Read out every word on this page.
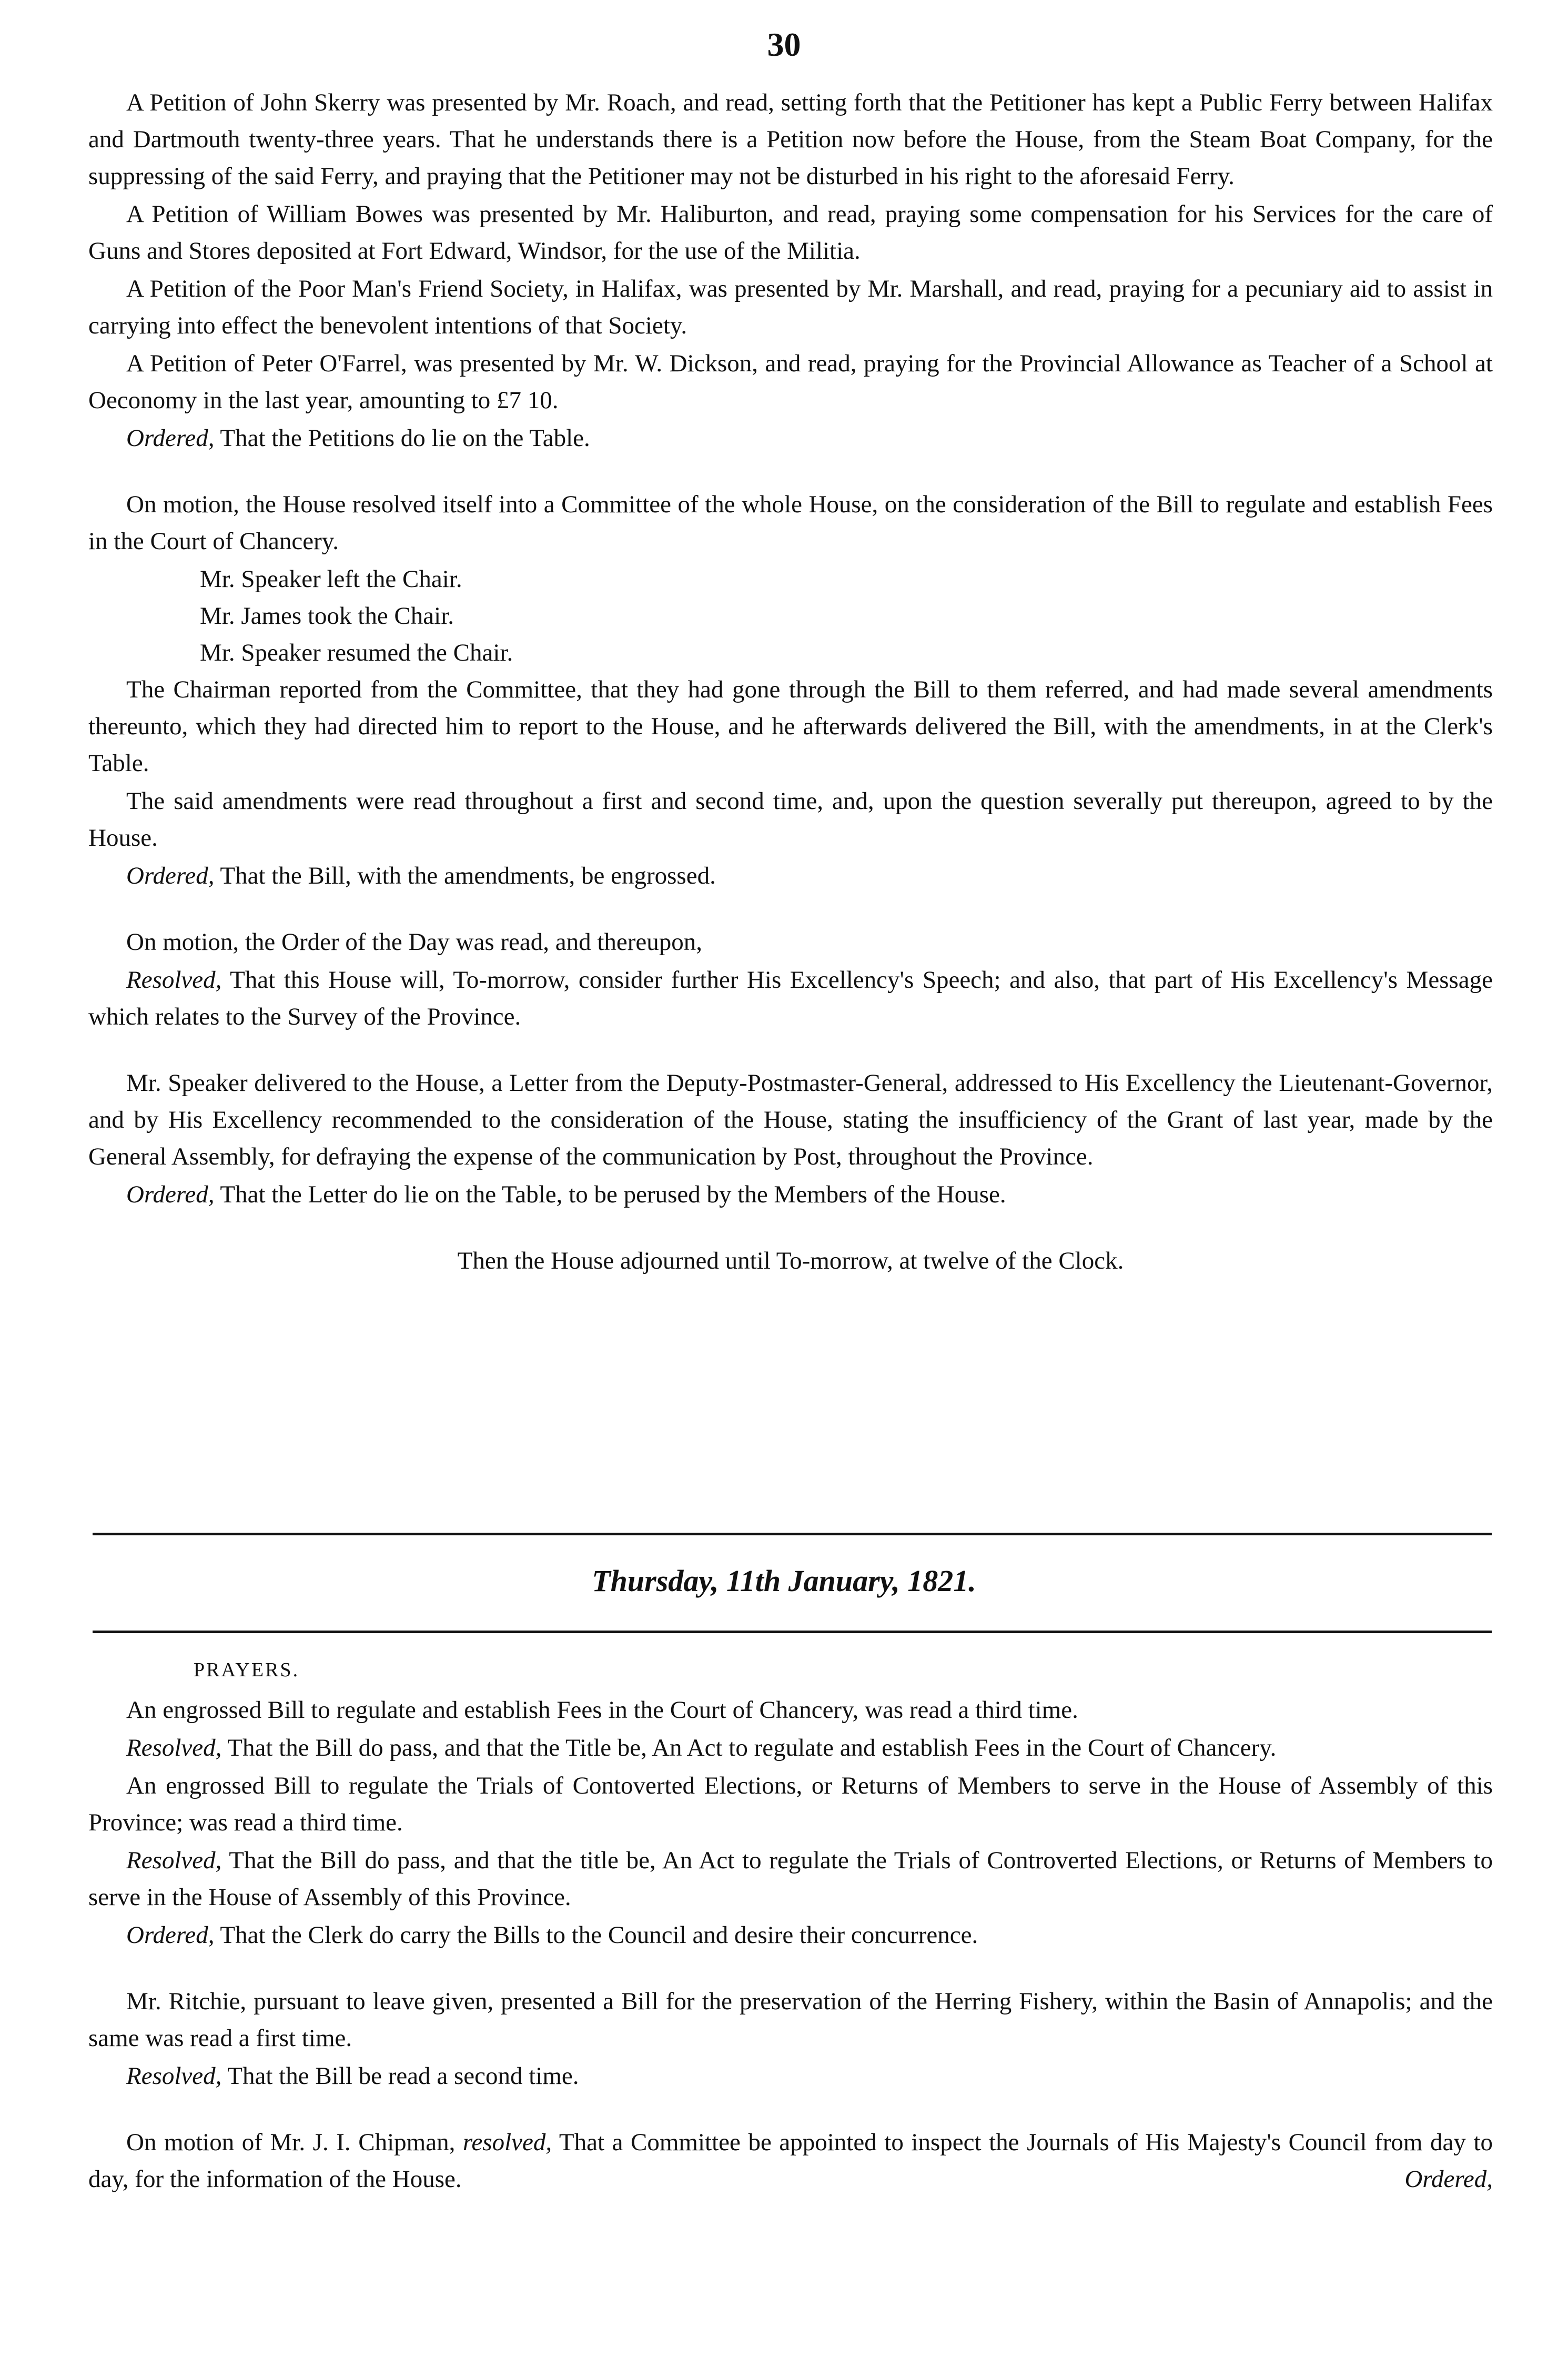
30

A Petition of John Skerry was presented by Mr. Roach, and read, setting forth that the Petitioner has kept a Public Ferry between Halifax and Dartmouth twenty-three years. That he understands there is a Petition now before the House, from the Steam Boat Company, for the suppressing of the said Ferry, and praying that the Petitioner may not be disturbed in his right to the aforesaid Ferry.

A Petition of William Bowes was presented by Mr. Haliburton, and read, praying some compensation for his Services for the care of Guns and Stores deposited at Fort Edward, Windsor, for the use of the Militia.

A Petition of the Poor Man's Friend Society, in Halifax, was presented by Mr. Marshall, and read, praying for a pecuniary aid to assist in carrying into effect the benevolent intentions of that Society.

A Petition of Peter O'Farrel, was presented by Mr. W. Dickson, and read, praying for the Provincial Allowance as Teacher of a School at Oeconomy in the last year, amounting to £7 10.

Ordered, That the Petitions do lie on the Table.

On motion, the House resolved itself into a Committee of the whole House, on the consideration of the Bill to regulate and establish Fees in the Court of Chancery.

Mr. Speaker left the Chair.

Mr. James took the Chair.

Mr. Speaker resumed the Chair.

The Chairman reported from the Committee, that they had gone through the Bill to them referred, and had made several amendments thereunto, which they had directed him to report to the House, and he afterwards delivered the Bill, with the amendments, in at the Clerk's Table.

The said amendments were read throughout a first and second time, and, upon the question severally put thereupon, agreed to by the House.

Ordered, That the Bill, with the amendments, be engrossed.

On motion, the Order of the Day was read, and thereupon,

Resolved, That this House will, To-morrow, consider further His Excellency's Speech; and also, that part of His Excellency's Message which relates to the Survey of the Province.

Mr. Speaker delivered to the House, a Letter from the Deputy-Postmaster-General, addressed to His Excellency the Lieutenant-Governor, and by His Excellency recommended to the consideration of the House, stating the insufficiency of the Grant of last year, made by the General Assembly, for defraying the expense of the communication by Post, throughout the Province.

Ordered, That the Letter do lie on the Table, to be perused by the Members of the House.

Then the House adjourned until To-morrow, at twelve of the Clock.

Thursday, 11th January, 1821.

PRAYERS.

An engrossed Bill to regulate and establish Fees in the Court of Chancery, was read a third time.

Resolved, That the Bill do pass, and that the Title be, An Act to regulate and establish Fees in the Court of Chancery.

An engrossed Bill to regulate the Trials of Contoverted Elections, or Returns of Members to serve in the House of Assembly of this Province; was read a third time.

Resolved, That the Bill do pass, and that the title be, An Act to regulate the Trials of Controverted Elections, or Returns of Members to serve in the House of Assembly of this Province.

Ordered, That the Clerk do carry the Bills to the Council and desire their concurrence.

Mr. Ritchie, pursuant to leave given, presented a Bill for the preservation of the Herring Fishery, within the Basin of Annapolis; and the same was read a first time.

Resolved, That the Bill be read a second time.

On motion of Mr. J. I. Chipman, resolved, That a Committee be appointed to inspect the Journals of His Majesty's Council from day to day, for the information of the House.	Ordered,
